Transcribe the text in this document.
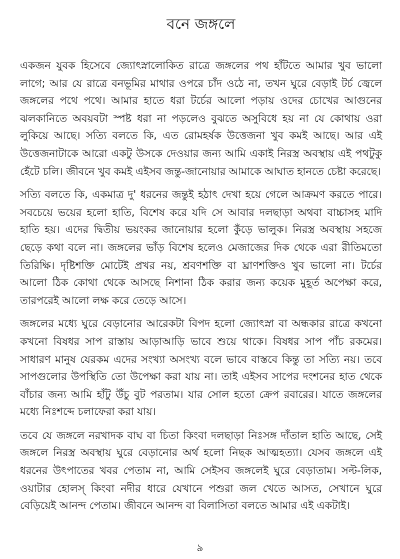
বনে জঙ্গলে

একজন যুবক হিসেবে জ্যোৎস্নালোকিত রাত্রে জঙ্গলের পথ হাঁটতে আমার খুব ভালো লাগে; আর যে রাত্রে বনভূমির মাথার ওপরে চাঁদ ওঠে না, তখন ঘুরে বেড়াই টর্চ জ্বেলে জঙ্গলের পথে পথে। আমার হাতে ধরা টর্চের আলো পড়ায় ওদের চোখের আগুনের ঝলকানিতে অবয়বটা স্পষ্ট ধরা না পড়লেও বুঝতে অসুবিধে হয় না যে কোথায় ওরা লুকিয়ে আছে। সত্যি বলতে কি, এত রোমহর্ষক উত্তেজনা খুব কমই আছে। আর এই উত্তেজনাটাকে আরো একটু উসকে দেওয়ার জন্য আমি একাই নিরস্ত্র অবস্থায় এই পথটুকু হেঁটে চলি। জীবনে খুব কমই এইসব জন্তু-জানোয়ার আমাকে আঘাত হানতে চেষ্টা করেছে।

সত্যি বলতে কি, একমাত্র দু' ধরনের জন্তুই হঠাৎ দেখা হয়ে গেলে আক্রমণ করতে পারে। সবচেয়ে ভয়ের হলো হাতি, বিশেষ করে যদি সে আবার দলছাড়া অথবা বাচ্চাসহ মাদি হাতি হয়। এদের দ্বিতীয় ভয়ংকর জানোয়ার হলো কুঁড়ে ভালুক। নিরস্ত্র অবস্থায় সহজে ছেড়ে কথা বলে না। জঙ্গলের ভাঁড় বিশেষ হলেও মেজাজের দিক থেকে এরা রীতিমতো তিরিক্ষি। দৃষ্টিশক্তি মোটেই প্রখর নয়, শ্রবণশক্তি বা ঘ্রাণশক্তিও খুব ভালো না। টর্চের আলো ঠিক কোথা থেকে আসছে নিশানা ঠিক করার জন্য কয়েক মুহূর্ত অপেক্ষা করে, তারপরেই আলো লক্ষ করে তেড়ে আসে।

জঙ্গলের মধ্যে ঘুরে বেড়ানোর আরেকটা বিপদ হলো জ্যোৎস্না বা অন্ধকার রাত্রে কখনো কখনো বিষধর সাপ রাস্তায় আড়াআড়ি ভাবে শুয়ে থাকে। বিষধর সাপ পাঁচ রকমের। সাধারণ মানুষ যেরকম এদের সংখ্যা অসংখ্য বলে ভাবে বাস্তবে কিন্তু তা সত্যি নয়। তবে সাপগুলোর উপস্থিতি তো উপেক্ষা করা যায় না। তাই এইসব সাপের দংশনের হাত থেকে বাঁচার জন্য আমি হাঁটু উঁচু বুট পরতাম। যার সোল হতো ক্রেপ রবারের। যাতে জঙ্গলের মধ্যে নিঃশব্দে চলাফেরা করা যায়।

তবে যে জঙ্গলে নরখাদক বাঘ বা চিতা কিংবা দলছাড়া নিঃসঙ্গ দাঁতাল হাতি আছে, সেই জঙ্গলে নিরস্ত্র অবস্থায় ঘুরে বেড়ানোর অর্থ হলো নিছক আত্মহত্যা। যেসব জঙ্গলে এই ধরনের উৎপাতের খবর পেতাম না, আমি সেইসব জঙ্গলেই ঘুরে বেড়াতাম। সল্ট-লিক, ওয়াটার হোলস্ কিংবা নদীর ধারে যেখানে পশুরা জল খেতে আসত, সেখানে ঘুরে বেড়িয়েই আনন্দ পেতাম। জীবনে আনন্দ বা বিলাসিতা বলতে আমার এই একটাই।

৯
